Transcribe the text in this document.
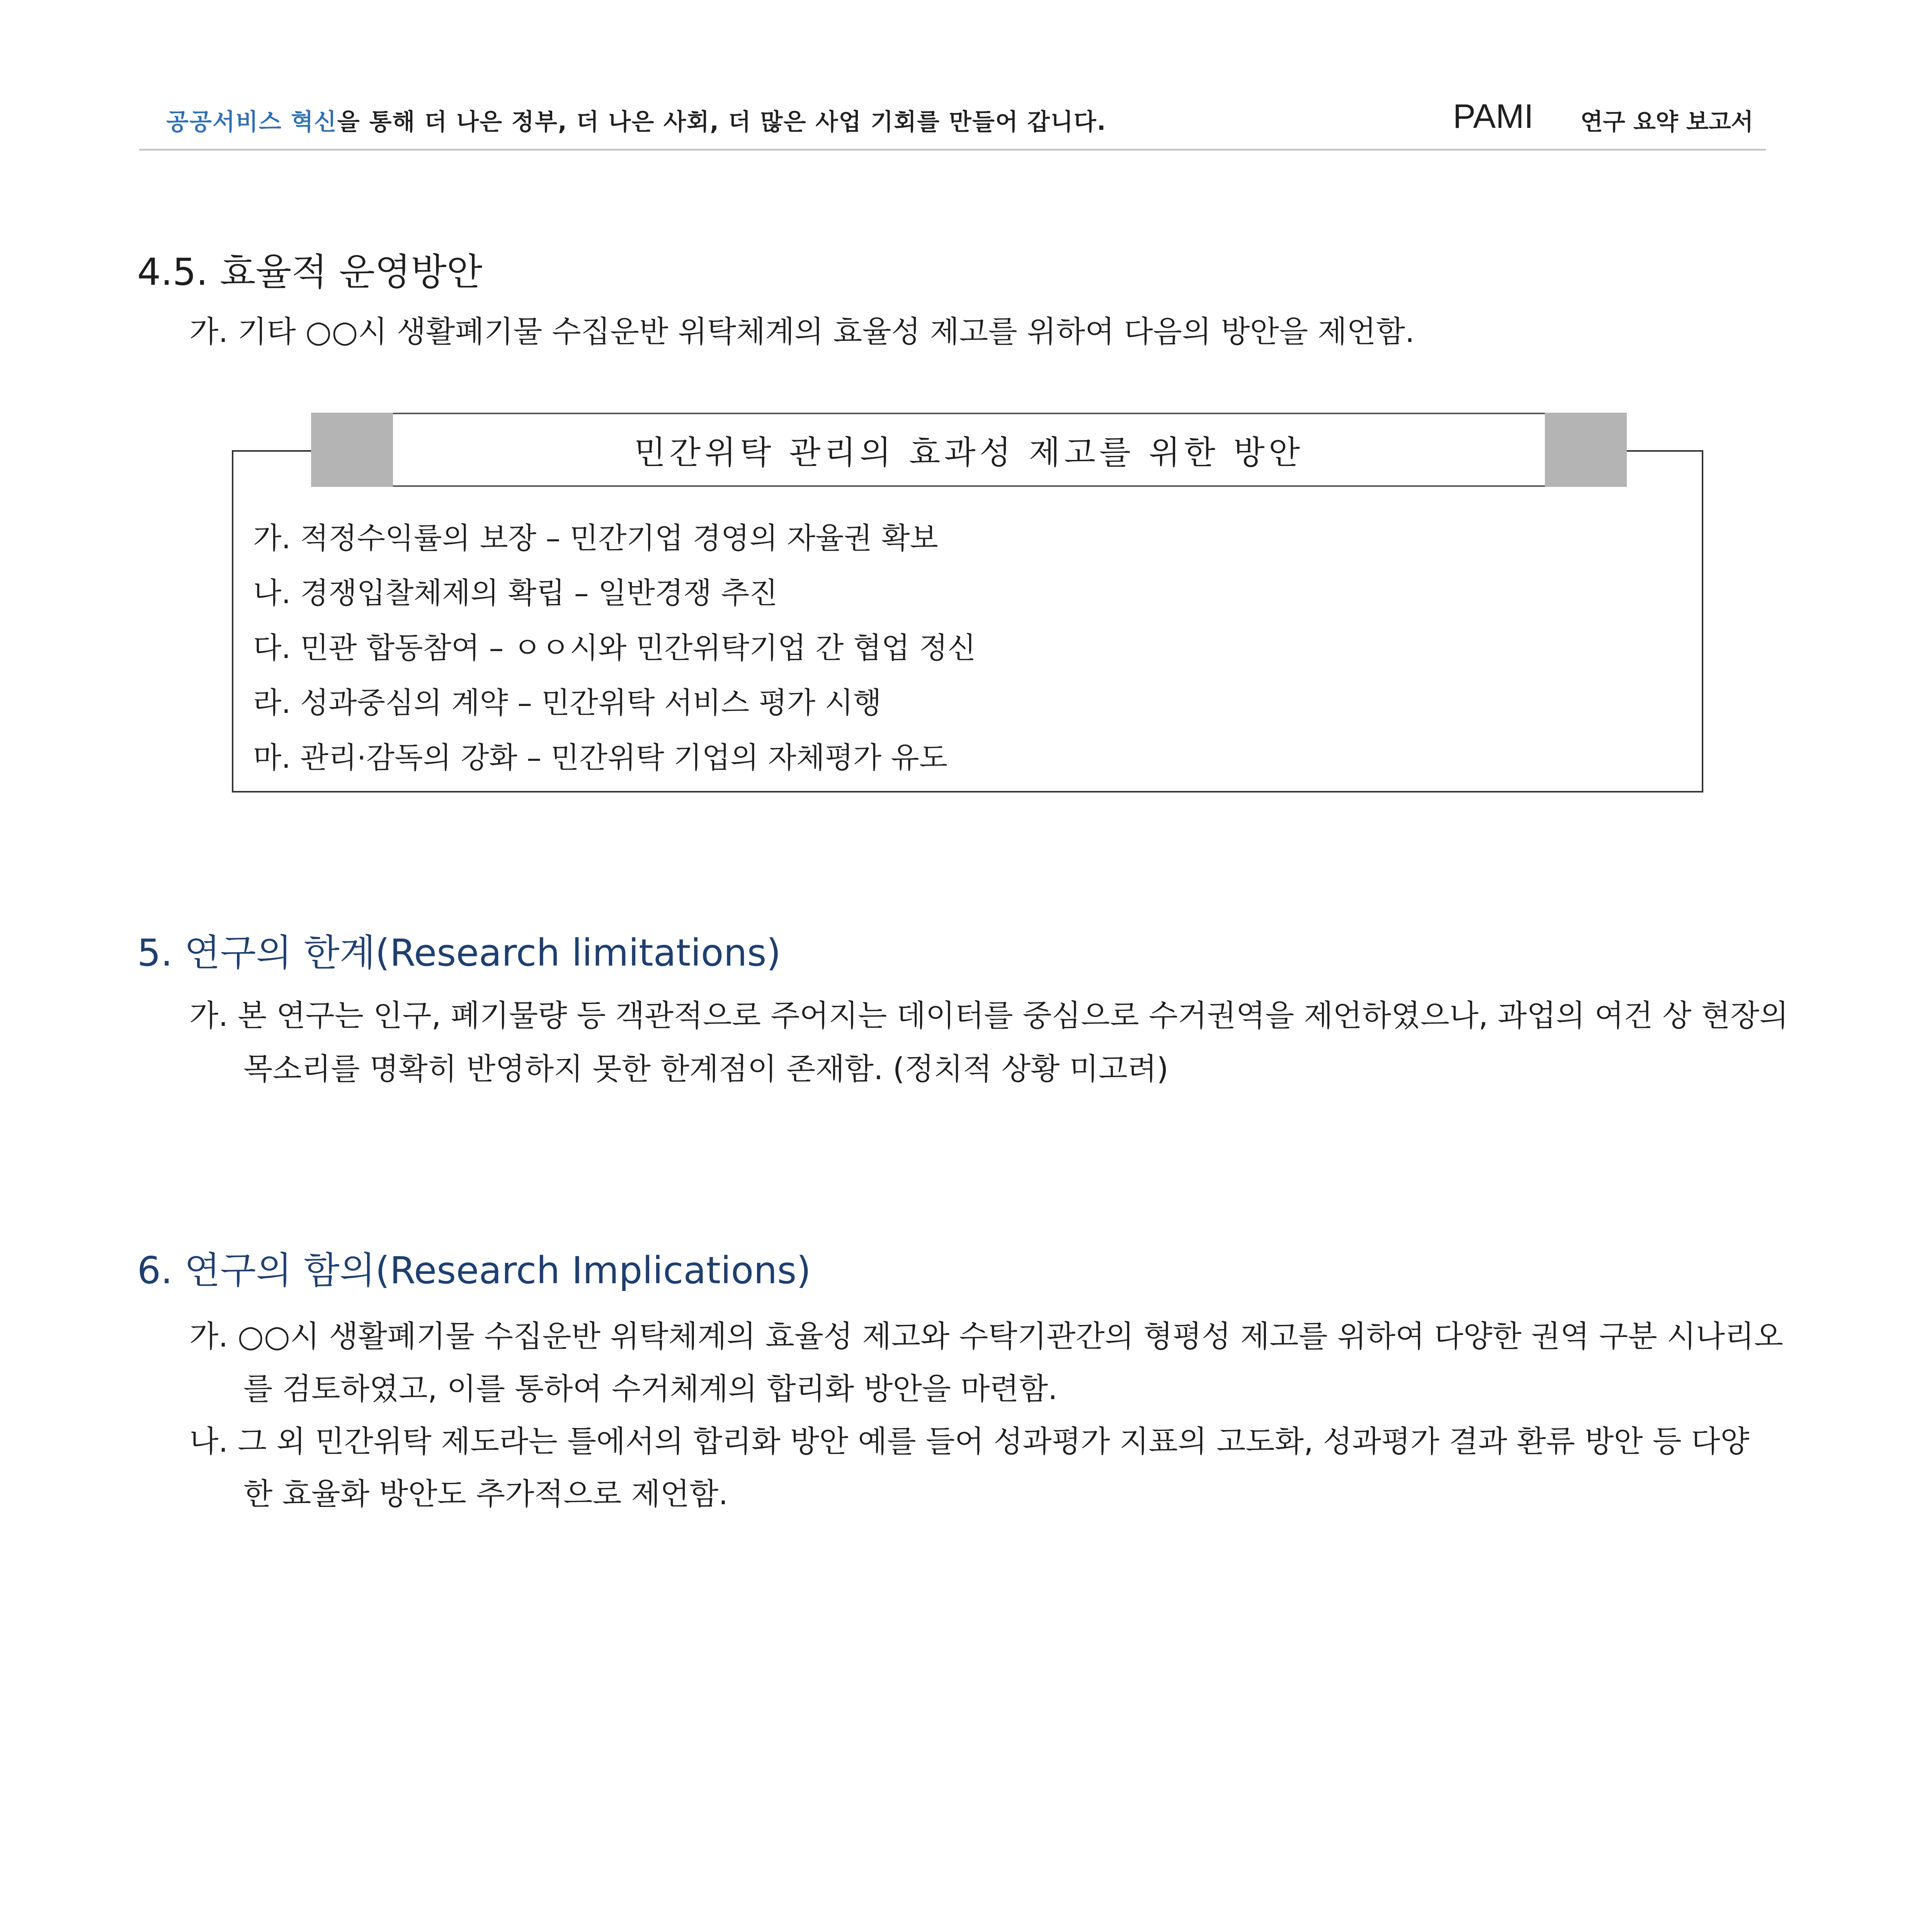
공공서비스 혁신을 통해 더 나은 정부, 더 나은 사회, 더 많은 사업 기회를 만들어 갑니다.	PAMI 연구 요약 보고서
4.5. 효율적 운영방안
가. 기타 ○○시 생활폐기물 수집운반 위탁체계의 효율성 제고를 위하여 다음의 방안을 제언함.
민간위탁 관리의 효과성 제고를 위한 방안
가. 적정수익률의 보장 – 민간기업 경영의 자율권 확보
나. 경쟁입찰체제의 확립 – 일반경쟁 추진
다. 민관 합동참여 – ㅇㅇ시와 민간위탁기업 간 협업 정신
라. 성과중심의 계약 – 민간위탁 서비스 평가 시행
마. 관리·감독의 강화 – 민간위탁 기업의 자체평가 유도
5. 연구의 한계(Research limitations)
가. 본 연구는 인구, 폐기물량 등 객관적으로 주어지는 데이터를 중심으로 수거권역을 제언하였으나, 과업의 여건 상 현장의
목소리를 명확히 반영하지 못한 한계점이 존재함. (정치적 상황 미고려)
6. 연구의 함의(Research Implications)
가. ○○시 생활폐기물 수집운반 위탁체계의 효율성 제고와 수탁기관간의 형평성 제고를 위하여 다양한 권역 구분 시나리오
를 검토하였고, 이를 통하여 수거체계의 합리화 방안을 마련함.
나. 그 외 민간위탁 제도라는 틀에서의 합리화 방안 예를 들어 성과평가 지표의 고도화, 성과평가 결과 환류 방안 등 다양
한 효율화 방안도 추가적으로 제언함.
